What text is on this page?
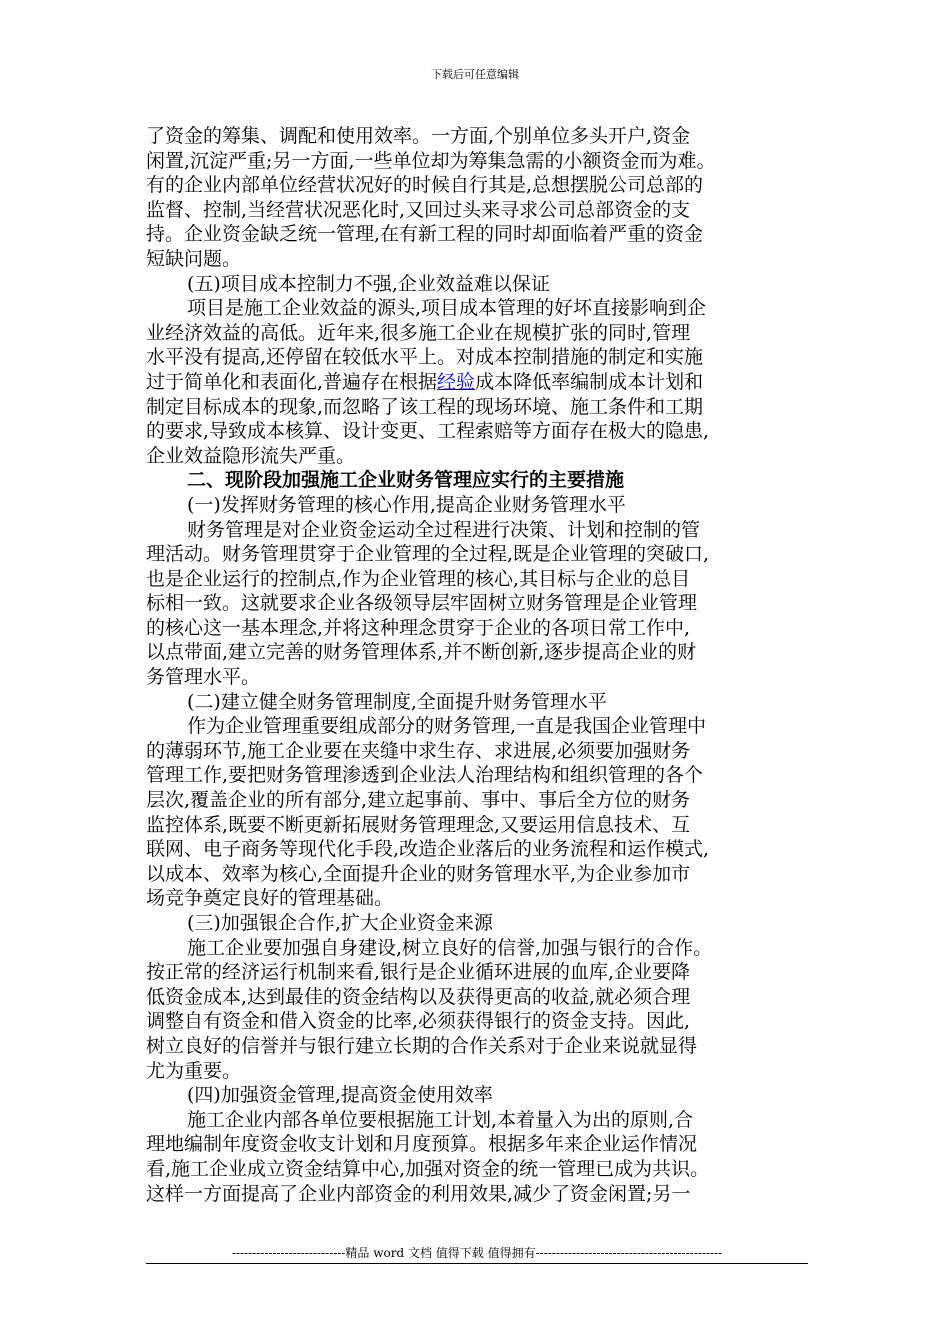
下载后可任意编辑
了资金的筹集、调配和使用效率。一方面,个别单位多头开户,资金
闲置,沉淀严重;另一方面,一些单位却为筹集急需的小额资金而为难。
有的企业内部单位经营状况好的时候自行其是,总想摆脱公司总部的
监督、控制,当经营状况恶化时,又回过头来寻求公司总部资金的支
持。企业资金缺乏统一管理,在有新工程的同时却面临着严重的资金
短缺问题。
(五)项目成本控制力不强,企业效益难以保证
项目是施工企业效益的源头,项目成本管理的好坏直接影响到企
业经济效益的高低。近年来,很多施工企业在规模扩张的同时,管理
水平没有提高,还停留在较低水平上。对成本控制措施的制定和实施
过于简单化和表面化,普遍存在根据经验成本降低率编制成本计划和
制定目标成本的现象,而忽略了该工程的现场环境、施工条件和工期
的要求,导致成本核算、设计变更、工程索赔等方面存在极大的隐患,
企业效益隐形流失严重。
二、现阶段加强施工企业财务管理应实行的主要措施
(一)发挥财务管理的核心作用,提高企业财务管理水平
财务管理是对企业资金运动全过程进行决策、计划和控制的管
理活动。财务管理贯穿于企业管理的全过程,既是企业管理的突破口,
也是企业运行的控制点,作为企业管理的核心,其目标与企业的总目
标相一致。这就要求企业各级领导层牢固树立财务管理是企业管理
的核心这一基本理念,并将这种理念贯穿于企业的各项日常工作中,
以点带面,建立完善的财务管理体系,并不断创新,逐步提高企业的财
务管理水平。
(二)建立健全财务管理制度,全面提升财务管理水平
作为企业管理重要组成部分的财务管理,一直是我国企业管理中
的薄弱环节,施工企业要在夹缝中求生存、求进展,必须要加强财务
管理工作,要把财务管理渗透到企业法人治理结构和组织管理的各个
层次,覆盖企业的所有部分,建立起事前、事中、事后全方位的财务
监控体系,既要不断更新拓展财务管理理念,又要运用信息技术、互
联网、电子商务等现代化手段,改造企业落后的业务流程和运作模式,
以成本、效率为核心,全面提升企业的财务管理水平,为企业参加市
场竞争奠定良好的管理基础。
(三)加强银企合作,扩大企业资金来源
施工企业要加强自身建设,树立良好的信誉,加强与银行的合作。
按正常的经济运行机制来看,银行是企业循环进展的血库,企业要降
低资金成本,达到最佳的资金结构以及获得更高的收益,就必须合理
调整自有资金和借入资金的比率,必须获得银行的资金支持。因此,
树立良好的信誉并与银行建立长期的合作关系对于企业来说就显得
尤为重要。
(四)加强资金管理,提高资金使用效率
施工企业内部各单位要根据施工计划,本着量入为出的原则,合
理地编制年度资金收支计划和月度预算。根据多年来企业运作情况
看,施工企业成立资金结算中心,加强对资金的统一管理已成为共识。
这样一方面提高了企业内部资金的利用效果,减少了资金闲置;另一
----------------------------精品 word 文档 值得下载 值得拥有----------------------------------------------
